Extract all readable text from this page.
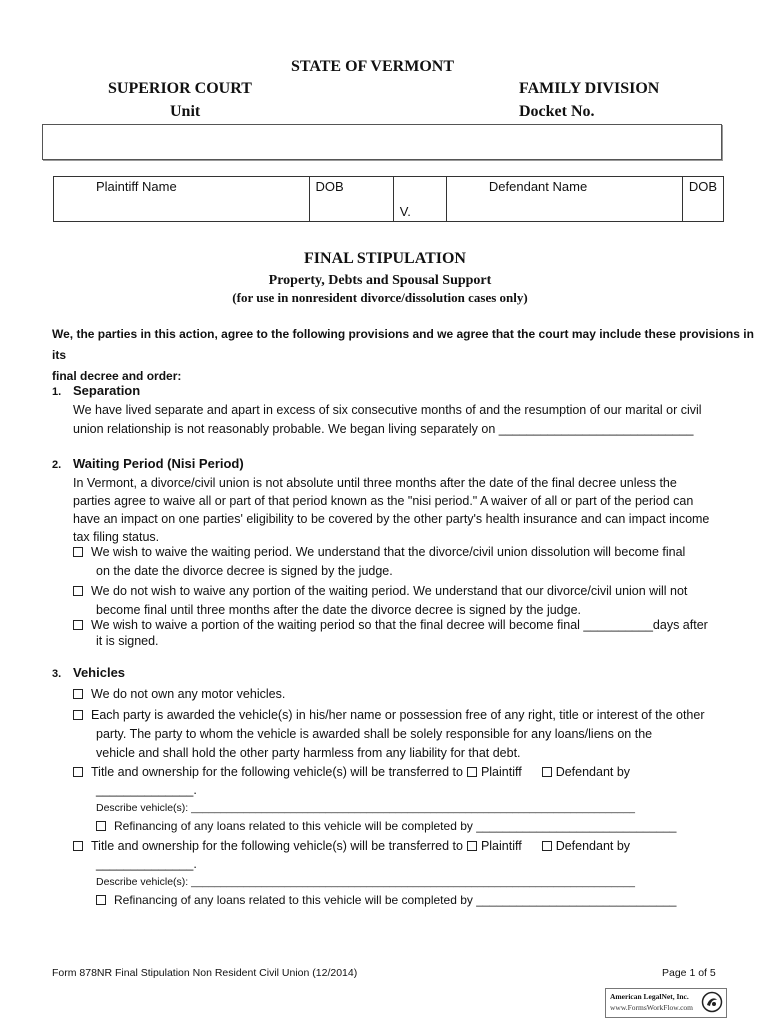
STATE OF VERMONT
SUPERIOR COURT
Unit
FAMILY DIVISION
Docket No.
Plaintiff Name	DOB	V.	Defendant Name	DOB
FINAL STIPULATION
Property, Debts and Spousal Support
(for use in nonresident divorce/dissolution cases only)
We, the parties in this action, agree to the following provisions and we agree that the court may include these provisions in its
final decree and order:
1. Separation
We have lived separate and apart in excess of six consecutive months of and the resumption of our marital or civil
union relationship is not reasonably probable. We began living separately on ____________________________
2. Waiting Period (Nisi Period)
In Vermont, a divorce/civil union is not absolute until three months after the date of the final decree unless the
parties agree to waive all or part of that period known as the "nisi period." A waiver of all or part of the period can
have an impact on one parties' eligibility to be covered by the other party's health insurance and can impact income
tax filing status.
We wish to waive the waiting period. We understand that the divorce/civil union dissolution will become final
on the date the divorce decree is signed by the judge.
We do not wish to waive any portion of the waiting period. We understand that our divorce/civil union will not
become final until three months after the date the divorce decree is signed by the judge.
We wish to waive a portion of the waiting period so that the final decree will become final __________days after
it is signed.
3. Vehicles
We do not own any motor vehicles.
Each party is awarded the vehicle(s) in his/her name or possession free of any right, title or interest of the other
party. The party to whom the vehicle is awarded shall be solely responsible for any loans/liens on the
vehicle and shall hold the other party harmless from any liability for that debt.
Title and ownership for the following vehicle(s) will be transferred to Plaintiff	Defendant by
______________.
Describe vehicle(s): ____________________________________________________________________________
Refinancing of any loans related to this vehicle will be completed by ______________________________
Title and ownership for the following vehicle(s) will be transferred to Plaintiff	Defendant by
______________.
Describe vehicle(s): ____________________________________________________________________________
Refinancing of any loans related to this vehicle will be completed by ______________________________
Form 878NR Final Stipulation Non Resident Civil Union (12/2014)	Page 1 of 5
American LegalNet, Inc.
www.FormsWorkFlow.com
